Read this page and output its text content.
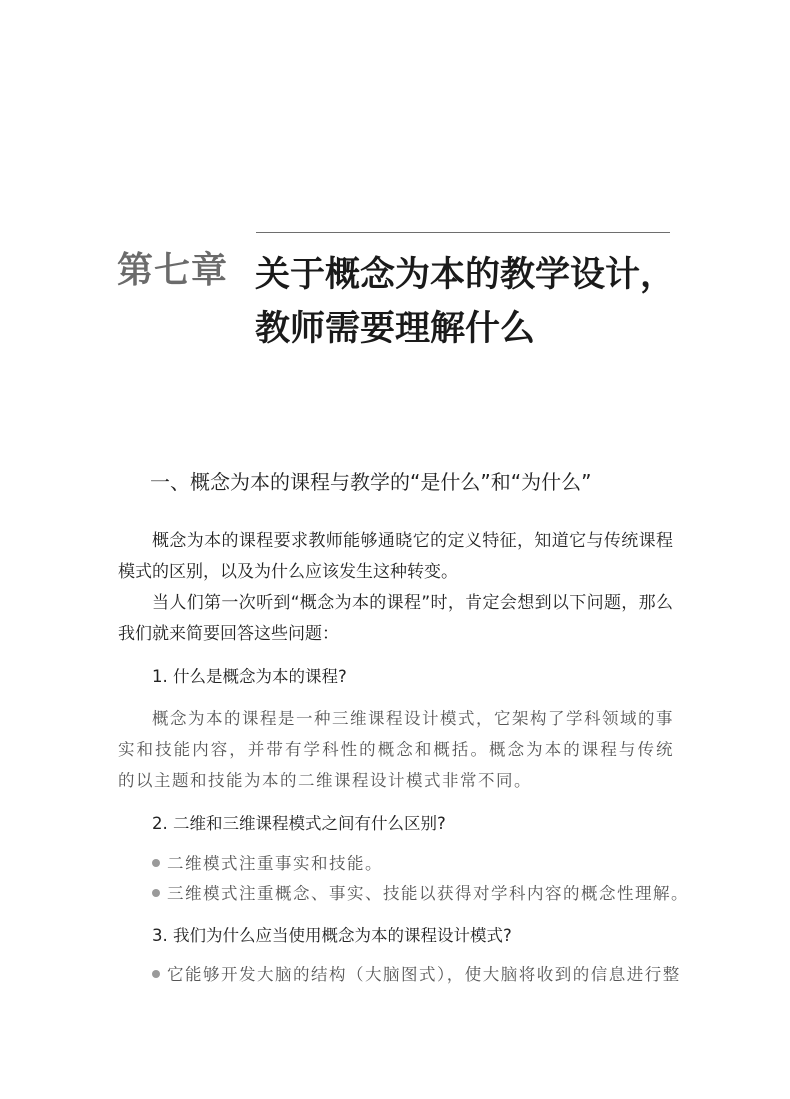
第七章 关于概念为本的教学设计，
教师需要理解什么
一、概念为本的课程与教学的“是什么”和“为什么”

概念为本的课程要求教师能够通晓它的定义特征，知道它与传统课程模式的区别，以及为什么应该发生这种转变。

当人们第一次听到“概念为本的课程”时，肯定会想到以下问题，那么我们就来简要回答这些问题：

1. 什么是概念为本的课程?

概念为本的课程是一种三维课程设计模式，它架构了学科领域的事实和技能内容，并带有学科性的概念和概括。概念为本的课程与传统的以主题和技能为本的二维课程设计模式非常不同。

2. 二维和三维课程模式之间有什么区别?
二维模式注重事实和技能。
三维模式注重概念、事实、技能以获得对学科内容的概念性理解。
3. 我们为什么应当使用概念为本的课程设计模式?
它能够开发大脑的结构（大脑图式），使大脑将收到的信息进行整
